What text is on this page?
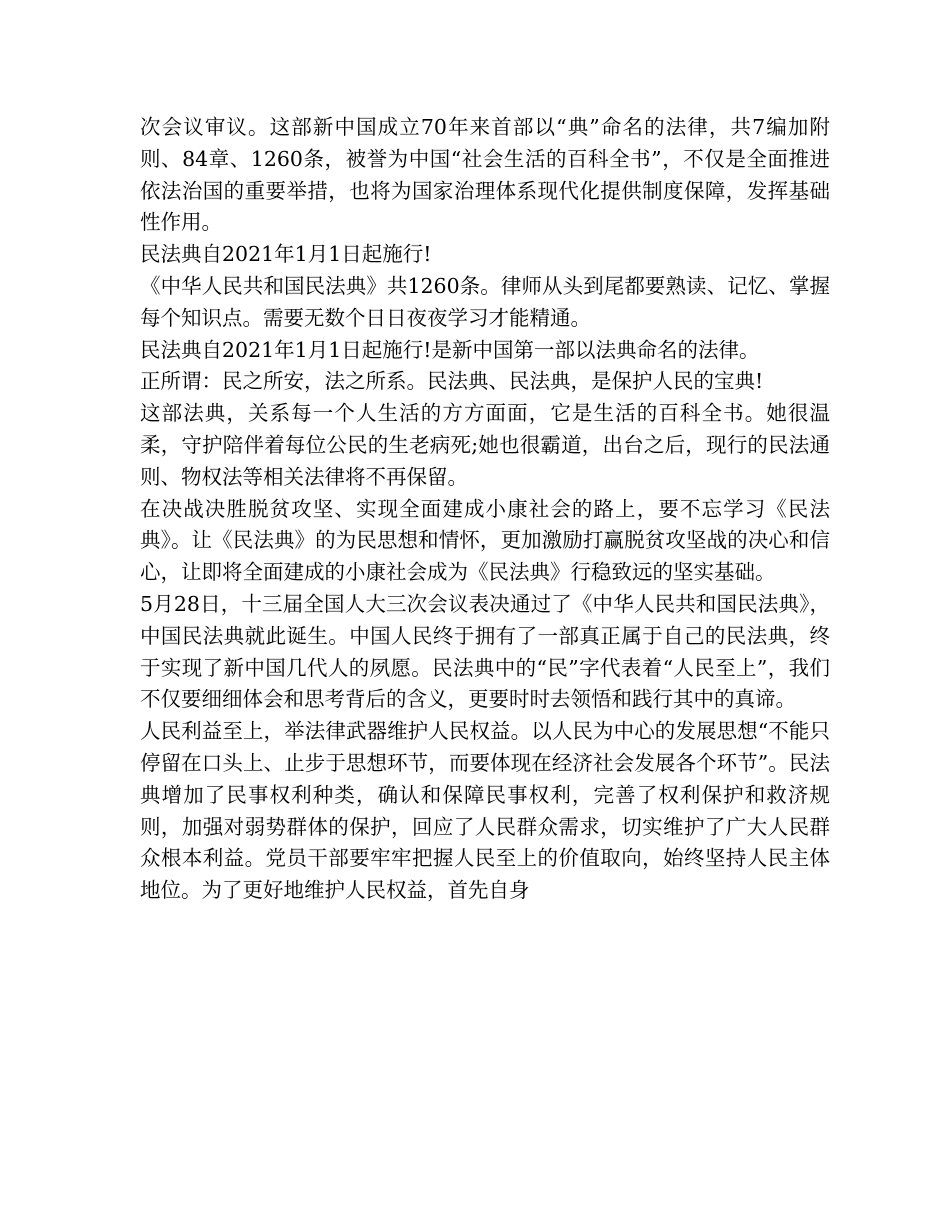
次会议审议。这部新中国成立70年来首部以“典”命名的法律，共7编加附则、84章、1260条，被誉为中国“社会生活的百科全书”，不仅是全面推进依法治国的重要举措，也将为国家治理体系现代化提供制度保障，发挥基础性作用。

民法典自2021年1月1日起施行!

《中华人民共和国民法典》共1260条。律师从头到尾都要熟读、记忆、掌握每个知识点。需要无数个日日夜夜学习才能精通。

民法典自2021年1月1日起施行!是新中国第一部以法典命名的法律。

正所谓：民之所安，法之所系。民法典、民法典，是保护人民的宝典!

这部法典，关系每一个人生活的方方面面，它是生活的百科全书。她很温柔，守护陪伴着每位公民的生老病死;她也很霸道，出台之后，现行的民法通则、物权法等相关法律将不再保留。

在决战决胜脱贫攻坚、实现全面建成小康社会的路上，要不忘学习《民法典》。让《民法典》的为民思想和情怀，更加激励打赢脱贫攻坚战的决心和信心，让即将全面建成的小康社会成为《民法典》行稳致远的坚实基础。

5月28日，十三届全国人大三次会议表决通过了《中华人民共和国民法典》，中国民法典就此诞生。中国人民终于拥有了一部真正属于自己的民法典，终于实现了新中国几代人的夙愿。民法典中的“民”字代表着“人民至上”，我们不仅要细细体会和思考背后的含义，更要时时去领悟和践行其中的真谛。

人民利益至上，举法律武器维护人民权益。以人民为中心的发展思想“不能只停留在口头上、止步于思想环节，而要体现在经济社会发展各个环节”。民法典增加了民事权利种类，确认和保障民事权利，完善了权利保护和救济规则，加强对弱势群体的保护，回应了人民群众需求，切实维护了广大人民群众根本利益。党员干部要牢牢把握人民至上的价值取向，始终坚持人民主体地位。为了更好地维护人民权益，首先自身
